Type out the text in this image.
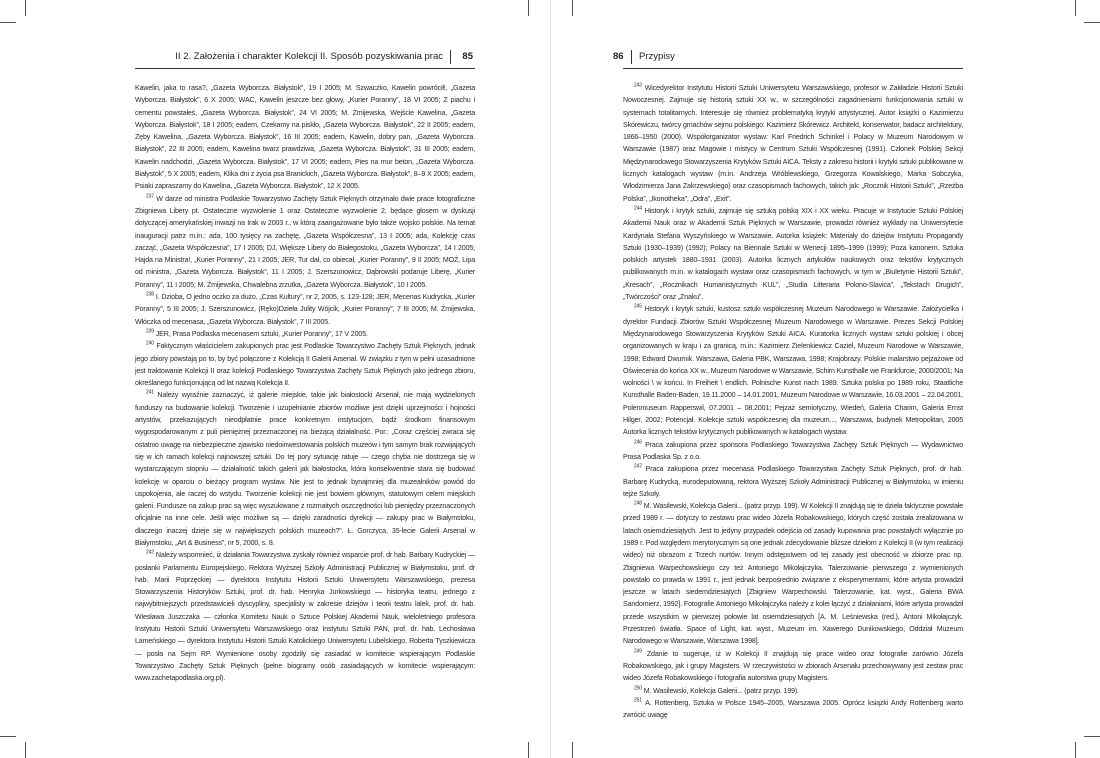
II 2. Założenia i charakter Kolekcji II. Sposób pozyskiwania prac 85

Kawelin, jaka to rasa?, „Gazeta Wyborcza. Białystok”, 19 I 2005; M. Szwaczko, Kawelin powrócił!, „Gazeta Wyborcza. Białystok”, 6 X 2005; WAC, Kawelin jeszcze bez głowy, „Kurier Poranny”, 18 VI 2005; Z piachu i cementu powstałeś, „Gazeta Wyborcza. Białystok”, 24 VI 2005; M. Żmijewska, Wejście Kawelina, „Gazeta Wyborcza. Białystok”, 18 I 2005; eadem, Czekamy na piskło, „Gazeta Wyborcza. Białystok”, 22 II 2005; eadem, Zęby Kawelina, „Gazeta Wyborcza. Białystok”, 16 III 2005; eadem, Kawelin, dobry pan, „Gazeta Wyborcza. Białystok”, 22 III 2005; eadem, Kawelina twarz prawdziwa, „Gazeta Wyborcza. Białystok”, 31 III 2005; eadem, Kawelin nadchodzi, „Gazeta Wyborcza. Białystok”, 17 VI 2005; eadem, Pies na mur beton, „Gazeta Wyborcza. Białystok”, 5 X 2005; eadem, Klika dni z życia psa Branickich, „Gazeta Wyborcza. Białystok”, 8–9 X 2005; eadem, Psiaki zapraszamy do Kawelina, „Gazeta Wyborcza. Białystok”, 12 X 2005.

$^{237}$ W darze od ministra Podlaskie Towarzystwo Zachęty Sztuk Pięknych otrzymało dwie prace fotograficzne Zbigniewa Libery pt. Ostateczne wyzwolenie 1 oraz Ostateczne wyzwolenie 2, będące głosem w dyskusji dotyczącej amerykańskiej inwazji na Irak w 2003 r., w którą zaangażowane było także wojsko polskie. Na temat inauguracji patrz m.in.: ada, 100 tysięcy na zachętę, „Gazeta Współczesna”, 13 I 2005; ada, Kolekcję czas zacząć, „Gazeta Współczesna”, 17 I 2005; DJ, Większe Libery do Białegostoku, „Gazeta Wyborcza”, 14 I 2005; Hajda na Ministra!, „Kurier Poranny”, 21 I 2005; JER, Tur dał, co obiecał, „Kurier Poranny”, 9 II 2005; MOŻ, Lipa od ministra, „Gazeta Wyborcza. Białystok”, 11 I 2005; J. Szerszunowicz, Dąbrowski podaruje Liberę, „Kurier Poranny”, 11 I 2005; M. Żmijewska, Chwalebna zrzutka, „Gazeta Wyborcza. Białystok”, 10 I 2005.

$^{238}$ I. Dzioba, O jedno oczko za dużo, „Czas Kultury”, nr 2, 2005, s. 123-128; JER, Mecenas Kudrycka, „Kurier Poranny”, 5 III 2005; J. Szerszunowicz, (Ręko)Dzieła Julity Wójcik, „Kurier Poranny”, 7 III 2005; M. Żmijewska, Włóczka od mecenasa, „Gazeta Wyborcza. Białystok”, 7 III 2005.

$^{239}$ JER, Prasa Podlaska mecenasem sztuki, „Kurier Poranny”, 17 V 2005.

$^{240}$ Faktycznym właścicielem zakupionych prac jest Podlaskie Towarzystwo Zachęty Sztuk Pięknych, jednak jego zbiory powstają po to, by być połączone z Kolekcją II Galerii Arsenał. W związku z tym w pełni uzasadnione jest traktowanie Kolekcji II oraz kolekcji Podlaskiego Towarzystwa Zachęty Sztuk Pięknych jako jednego zbioru, określanego funkcjonującą od lat nazwą Kolekcja II.

$^{241}$ Należy wyraźnie zaznaczyć, iż galerie miejskie, takie jak białostocki Arsenał, nie mają wydzielonych funduszy na budowanie kolekcji. Tworzenie i uzupełnianie zbiorów możliwe jest dzięki uprzejmości i hojności artystów, przekazujących nieodpłatnie prace konkretnym instytucjom, bądź środkom finansowym wygospodarowanym z puli pieniężnej przeznaczonej na bieżącą działalność. Por.: „Coraz częściej zwraca się ostatnio uwagę na niebezpieczne zjawisko niedoinwestowania polskich muzeów i tym samym brak rozwijających się w ich ramach kolekcji najnowszej sztuki. Do tej pory sytuację ratuje — czego chyba nie dostrzega się w wystarczającym stopniu — działalność takich galerii jak białostocka, która konsekwentnie stara się budować kolekcję w oparciu o bieżący program wystaw. Nie jest to jednak bynajmniej dla muzealników powód do uspokojenia, ale raczej do wstydu. Tworzenie kolekcji nie jest bowiem głównym, statutowym celem miejskich galerii. Fundusze na zakup prac są więc wyszukiwane z rozmaitych oszczędności lub pieniędzy przeznaczonych oficjalnie na inne cele. Jeśli więc możliwe są — dzięki zaradności dyrekcji — zakupy prac w Białymstoku, dlaczego inaczej dzieje się w największych polskich muzeach?”. Ł. Gorczyca, 35-lecie Galerii Arsenał w Białymstoku, „Art & Business”, nr 5, 2000, s. 8.

$^{242}$ Należy wspomnieć, iż działania Towarzystwa zyskały również wsparcie prof. dr hab. Barbary Kudryckiej — posłanki Parlamentu Europejskiego, Rektora Wyższej Szkoły Administracji Publicznej w Białymstoku, prof. dr hab. Marii Poprzęckiej — dyrektora Instytutu Historii Sztuki Uniwersytetu Warszawskiego, prezesa Stowarzyszenia Historyków Sztuki, prof. dr. hab. Henryka Jurkowskiego — historyka teatru, jednego z najwybitniejszych przedstawicieli dyscypliny, specjalisty w zakresie dziejów i teorii teatru lalek, prof. dr. hab. Wiesława Juszczaka — członka Komitetu Nauk o Sztuce Polskiej Akademii Nauk, wieloletniego profesora Instytutu Historii Sztuki Uniwersytetu Warszawskiego oraz Instytutu Sztuki PAN, prof. dr. hab. Lechosława Lameńskiego — dyrektora Instytutu Historii Sztuki Katolickiego Uniwersytetu Lubelskiego, Roberta Tyszkiewicza — posła na Sejm RP. Wymienione osoby zgodziły się zasiadać w komitecie wspierającym Podlaskie Towarzystwo Zachęty Sztuk Pięknych (pełne biogramy osób zasiadających w komitecie wspierającym: www.zachetapodlaska.org.pl).

86 Przypisy

$^{243}$ Wicedyrektor Instytutu Historii Sztuki Uniwersytetu Warszawskiego, profesor w Zakładzie Historii Sztuki Nowoczesnej. Zajmuje się historią sztuki XX w., w szczególności zagadnieniami funkcjonowania sztuki w systemach totalitarnych. Interesuje się również problematyką krytyki artystycznej. Autor książki o Kazimierzu Skórewiczu, twórcy gmachów sejmu polskiego: Kazimierz Skórewicz. Architekt, konserwator, badacz architektury, 1866–1950 (2000). Współorganizator wystaw: Karl Friedrich Schinkel i Polacy w Muzeum Narodowym w Warszawie (1987) oraz Magowie i mistycy w Centrum Sztuki Współczesnej (1991). Członek Polskiej Sekcji Międzynarodowego Stowarzyszenia Krytyków Sztuki AICA. Teksty z zakresu historii i krytyki sztuki publikowane w licznych katalogach wystaw (m.in. Andrzeja Wróblewskiego, Grzegorza Kowalskiego, Marka Sobczyka, Włodzimierza Jana Zakrzewskiego) oraz czasopismach fachowych, takich jak: „Rocznik Historii Sztuki”, „Rzeźba Polska”, „Ikonotheka”, „Odra”, „Exit”.

$^{244}$ Historyk i krytyk sztuki, zajmuje się sztuką polską XIX i XX wieku. Pracuje w Instytucie Sztuki Polskiej Akademii Nauk oraz w Akademii Sztuk Pięknych w Warszawie, prowadzi również wykłady na Uniwersytecie Kardynała Stefana Wyszyńskiego w Warszawie. Autorka książek: Materiały do dziejów Instytutu Propagandy Sztuki (1930–1939) (1992); Polacy na Biennale Sztuki w Wenecji 1895–1999 (1999); Poza kanonem. Sztuka polskich artystek 1880–1931 (2003). Autorka licznych artykułów naukowych oraz tekstów krytycznych publikowanych m.in. w katalogach wystaw oraz czasopismach fachowych, w tym w „Biuletynie Historii Sztuki”, „Kresach”, „Rocznikach Humanistycznych KUL”, „Studia Litteraria Polono-Slavica”, „Tekstach Drugich”, „Twórczości” oraz „Znaku”.

$^{245}$ Historyk i krytyk sztuki, kustosz sztuki współczesnej Muzeum Narodowego w Warszawie. Założycielka i dyrektor Fundacji Zbiorów Sztuki Współczesnej Muzeum Narodowego w Warszawie. Prezes Sekcji Polskiej Międzynarodowego Stowarzyszenia Krytyków Sztuki AICA. Kuratorka licznych wystaw sztuki polskiej i obcej organizowanych w kraju i za granicą, m.in.: Kazimierz Zielenkiewicz Caziel, Muzeum Narodowe w Warszawie, 1998; Edward Dwurnik. Warszawa, Galeria PBK, Warszawa, 1998; Krajobrazy. Polskie malarstwo pejzażowe od Oświecenia do końca XX w., Muzeum Narodowe w Warszawie, Schirn Kunsthalle we Frankfurcie, 2000/2001; Na wolności \ w końcu. In Freiheit \ endlich. Polnische Kunst nach 1989. Sztuka polska po 1989 roku, Staatliche Kunsthalle Baden-Baden, 19.11.2000 – 14.01.2001, Muzeum Narodowe w Warszawie, 16.03.2001 – 22.04.2001, Polenmuseum Rapperswil, 07.2001 – 08.2001; Pejzaż semiotyczny, Wiedeń, Galeria Charim, Galeria Ernst Hilger, 2002; Potencjał. Kolekcje sztuki współczesnej dla muzeum..., Warszawa, budynek Metropolitan, 2005 Autorka licznych tekstów krytycznych publikowanych w katalogach wystaw.

$^{246}$ Praca zakupiona przez sponsora Podlaskiego Towarzystwa Zachęty Sztuk Pięknych — Wydawnictwo Prasa Podlaska Sp. z o.o.

$^{247}$ Praca zakupiona przez mecenasa Podlaskiego Towarzystwa Zachęty Sztuk Pięknych, prof. dr hab. Barbarę Kudrycką, eurodeputowaną, rektora Wyższej Szkoły Administracji Publicznej w Białymstoku, w imieniu tejże Szkoły.

$^{248}$ M. Wasilewski, Kolekcja Galerii... (patrz przyp. 199). W Kolekcji II znajdują się te dzieła faktycznie powstałe przed 1989 r. — dotyczy to zestawu prac wideo Józefa Robakowskiego, których część została zrealizowana w latach osiemdziesiątych. Jest to jedyny przypadek odejścia od zasady kupowania prac powstałych wyłącznie po 1989 r. Pod względem merytorycznym są one jednak zdecydowanie bliższe dziełom z Kolekcji II (w tym realizacji wideo) niż obrazom z Trzech nurtów. Innym odstępstwem od tej zasady jest obecność w zbiorze prac np. Zbigniewa Warpechowskiego czy też Antoniego Mikołajczyka. Talerzowanie pierwszego z wymienionych powstało co prawda w 1991 r., jest jednak bezpośrednio związane z eksperymentami, które artysta prowadził jeszcze w latach siedemdziesiątych [Zbigniew Warpechowski. Talerzowanie, kat. wyst., Galeria BWA Sandomierz, 1992]. Fotografie Antoniego Mikołajczyka należy z kolei łączyć z działaniami, które artysta prowadził przede wszystkim w pierwszej połowie lat osiemdziesiątych [A. M. Leśniewska (red.), Antoni Mikołajczyk. Przestrzeń światła. Space of Light, kat. wyst., Muzeum im. Xawerego Dunikowskiego, Oddział Muzeum Narodowego w Warszawie, Warszawa 1998].

$^{249}$ Zdanie to sugeruje, iż w Kolekcji II znajdują się prace wideo oraz fotografie zarówno Józefa Robakowskiego, jak i grupy Magisters. W rzeczywistości w zbiorach Arsenału przechowywany jest zestaw prac wideo Józefa Robakowskiego i fotografia autorstwa grupy Magisters.

$^{250}$ M. Wasilewski, Kolekcja Galerii... (patrz przyp. 199).

$^{251}$ A. Rottenberg, Sztuka w Polsce 1945–2005, Warszawa 2005. Oprócz książki Andy Rottenberg warto zwrócić uwagę
